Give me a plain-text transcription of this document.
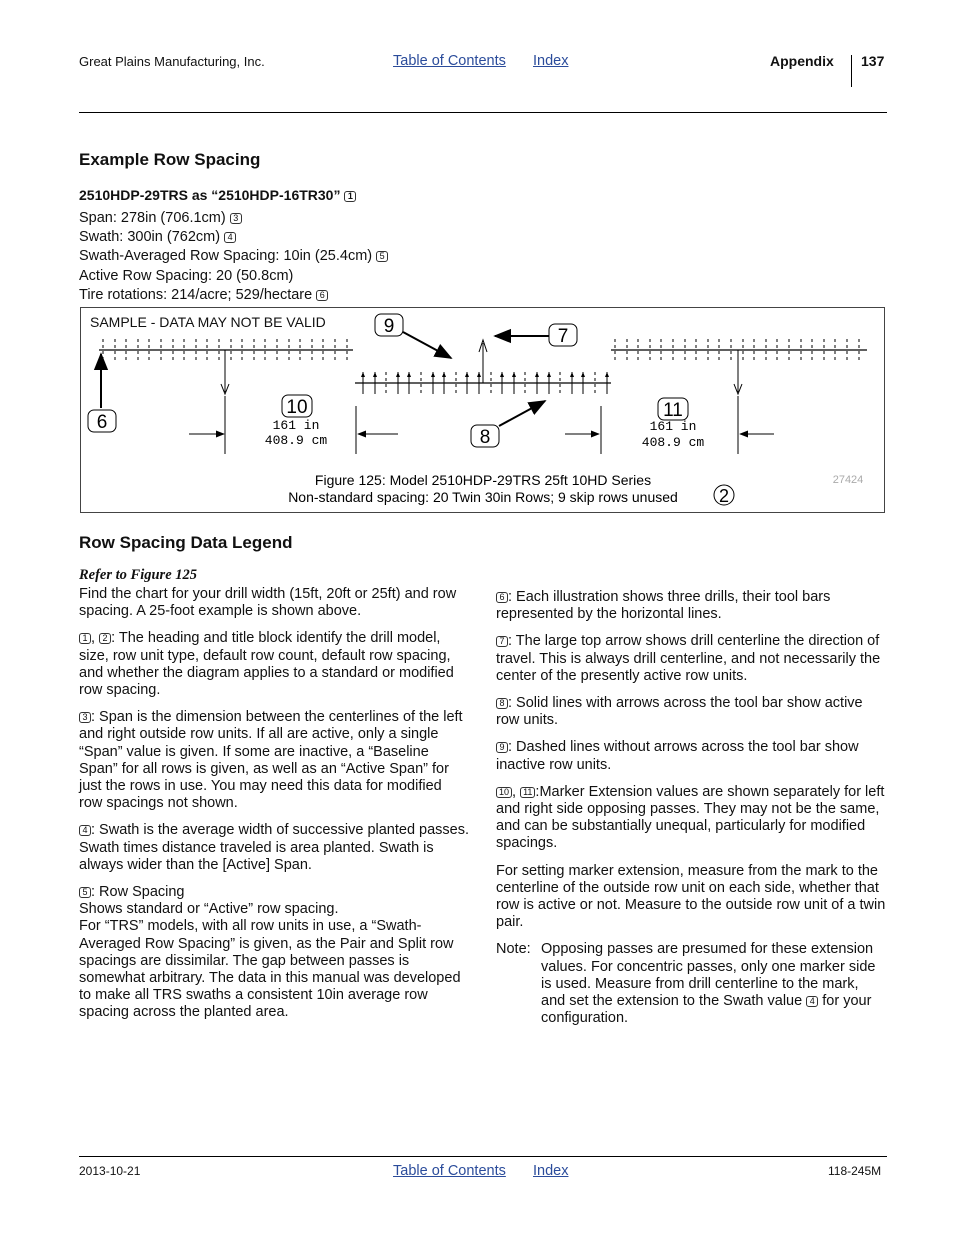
Great Plains Manufacturing, Inc.	Table of Contents Index	Appendix 137
Example Row Spacing
2510HDP-29TRS as “2510HDP-16TR30” 1
Span: 278in (706.1cm) 3
Swath: 300in (762cm) 4
Swath-Averaged Row Spacing: 10in (25.4cm) 5
Active Row Spacing: 20 (50.8cm)
Tire rotations: 214/acre; 529/hectare 6
SAMPLE - DATA MAY NOT BE VALID	9	7
6
10
8
11
161 in
408.9 cm
161 in
408.9 cm
Figure 125: Model 2510HDP-29TRS 25ft 10HD Series
Non-standard spacing: 20 Twin 30in Rows; 9 skip rows unused
27424
2
Row Spacing Data Legend
Refer to Figure 125

Find the chart for your drill width (15ft, 20ft or 25ft) and row spacing. A 25-foot example is shown above.

1 , 2 : The heading and title block identify the drill model, size, row unit type, default row count, default row spacing, and whether the diagram applies to a standard or modified row spacing.

3 : Span is the dimension between the centerlines of the left and right outside row units. If all are active, only a single “Span” value is given. If some are inactive, a “Baseline Span” for all rows is given, as well as an “Active Span” for just the rows in use. You may need this data for modified row spacings not shown.

4 : Swath is the average width of successive planted passes. Swath times distance traveled is area planted. Swath is always wider than the [Active] Span.

5 : Row Spacing
Shows standard or “Active” row spacing.
For “TRS” models, with all row units in use, a “Swath-Averaged Row Spacing” is given, as the Pair and Split row spacings are dissimilar. The gap between passes is somewhat arbitrary. The data in this manual was developed to make all TRS swaths a consistent 10in average row spacing across the planted area.

6 : Each illustration shows three drills, their tool bars represented by the horizontal lines.

7 : The large top arrow shows drill centerline the direction of travel. This is always drill centerline, and not necessarily the center of the presently active row units.

8 : Solid lines with arrows across the tool bar show active row units.

9 : Dashed lines without arrows across the tool bar show inactive row units.

10 , 11 :Marker Extension values are shown separately for left and right side opposing passes. They may not be the same, and can be substantially unequal, particularly for modified spacings.

For setting marker extension, measure from the mark to the centerline of the outside row unit on each side, whether that row is active or not. Measure to the outside row unit of a twin pair.

Note: Opposing passes are presumed for these extension values. For concentric passes, only one marker side is used. Measure from drill centerline to the mark, and set the extension to the Swath value 4 for your configuration.
2013-10-21	Table of Contents Index	118-245M
